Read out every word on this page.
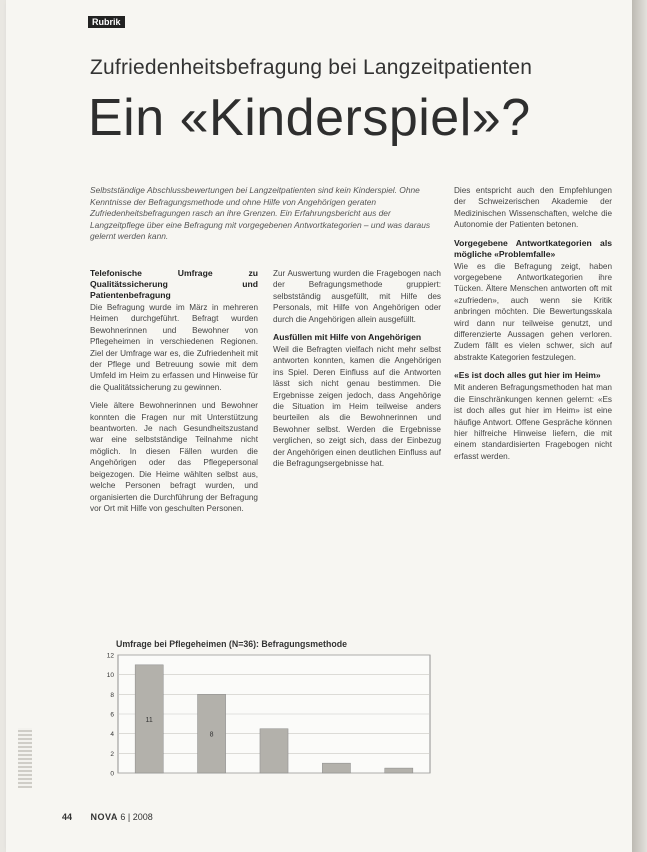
Rubrik
Zufriedenheitsbefragung bei Langzeitpatienten
Ein «Kinderspiel»?
Selbstständige Abschlussbewertungen bei Langzeitpatienten sind kein Kinderspiel. Ohne Kenntnisse der Befragungsmethode und ohne Hilfe von Angehörigen geraten Zufriedenheitsbefragungen rasch an ihre Grenzen. Ein Erfahrungsbericht aus der Langzeitpflege über eine Befragung mit vorgegebenen Antwortkategorien – und was daraus gelernt werden kann.
Telefonische Umfrage zu Qualitätssicherung und Patientenbefragung

Die Befragung wurde im März in mehreren Heimen durchgeführt. Befragt wurden Bewohnerinnen und Bewohner von Pflegeheimen in verschiedenen Regionen. Ziel der Umfrage war es, die Zufriedenheit mit der Pflege und Betreuung sowie mit dem Umfeld im Heim zu erfassen und Hinweise für die Qualitätssicherung zu gewinnen.

Viele ältere Bewohnerinnen und Bewohner konnten die Fragen nur mit Unterstützung beantworten. Je nach Gesundheitszustand war eine selbstständige Teilnahme nicht möglich. In diesen Fällen wurden die Angehörigen oder das Pflegepersonal beigezogen. Die Heime wählten selbst aus, welche Personen befragt wurden, und organisierten die Durchführung der Befragung vor Ort mit Hilfe von geschulten Personen.

Zur Auswertung wurden die Fragebogen nach der Befragungsmethode gruppiert: selbstständig ausgefüllt, mit Hilfe des Personals, mit Hilfe von Angehörigen oder durch die Angehörigen allein ausgefüllt.

Ausfüllen mit Hilfe von Angehörigen

Weil die Befragten vielfach nicht mehr selbst antworten konnten, kamen die Angehörigen ins Spiel. Deren Einfluss auf die Antworten lässt sich nicht genau bestimmen. Die Ergebnisse zeigen jedoch, dass Angehörige die Situation im Heim teilweise anders beurteilen als die Bewohnerinnen und Bewohner selbst. Werden die Ergebnisse verglichen, so zeigt sich, dass der Einbezug der Angehörigen einen deutlichen Einfluss auf die Befragungsergebnisse hat.

Dies entspricht auch den Empfehlungen der Schweizerischen Akademie der Medizinischen Wissenschaften, welche die Autonomie der Patienten betonen.

Vorgegebene Antwortkategorien als mögliche «Problemfalle»

Wie es die Befragung zeigt, haben vorgegebene Antwortkategorien ihre Tücken. Ältere Menschen antworten oft mit «zufrieden», auch wenn sie Kritik anbringen möchten. Die Bewertungsskala wird dann nur teilweise genutzt, und differenzierte Aussagen gehen verloren. Zudem fällt es vielen schwer, sich auf abstrakte Kategorien festzulegen.

«Es ist doch alles gut hier im Heim»

Mit anderen Befragungsmethoden hat man die Einschränkungen kennen gelernt: «Es ist doch alles gut hier im Heim» ist eine häufige Antwort. Offene Gespräche können hier hilfreiche Hinweise liefern, die mit einem standardisierten Fragebogen nicht erfasst werden.

Umfrage bei Pflegeheimen (N=36): Befragungsmethode
0
2
4
6
8
10
12
11
8
44 NOVA 6 | 2008
